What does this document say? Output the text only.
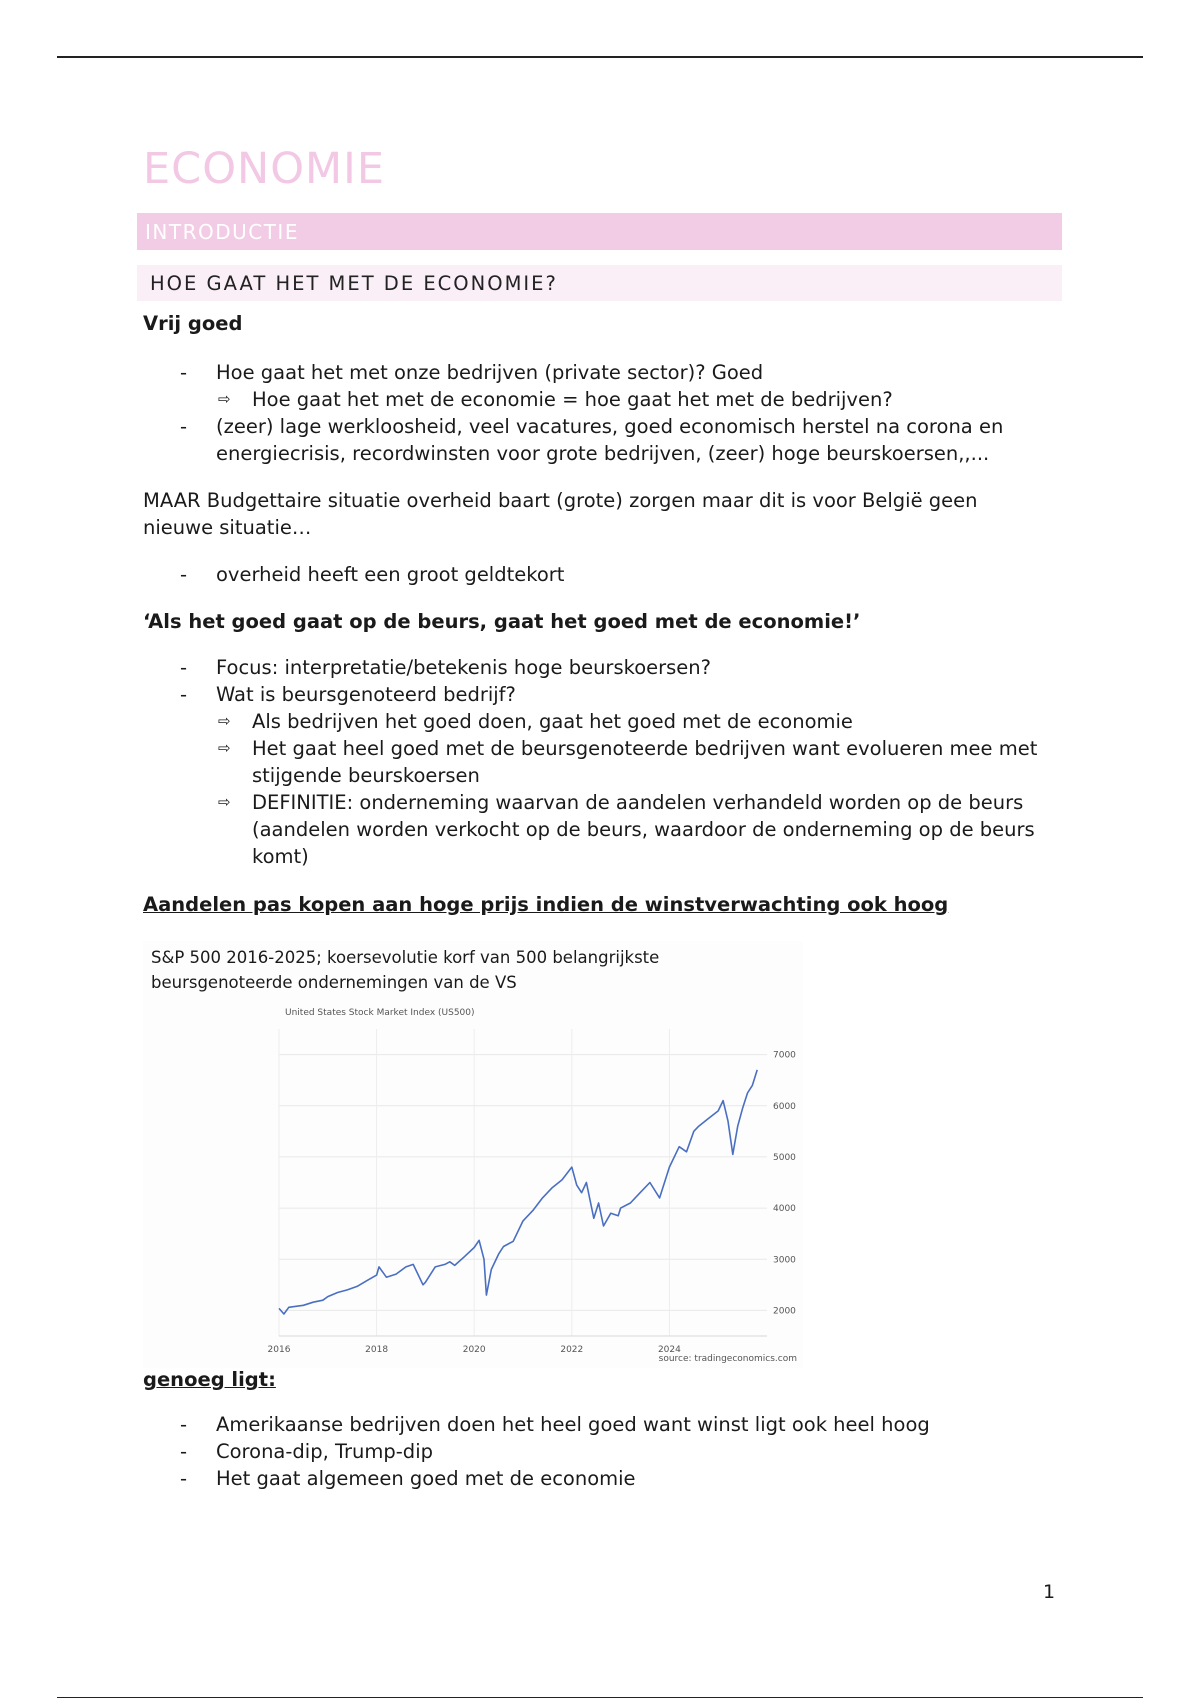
ECONOMIE
INTRODUCTIE
HOE GAAT HET MET DE ECONOMIE?

Vrij goed

- Hoe gaat het met onze bedrijven (private sector)? Goed
⇨ Hoe gaat het met de economie = hoe gaat het met de bedrijven?
- (zeer) lage werkloosheid, veel vacatures, goed economisch herstel na corona en energiecrisis, recordwinsten voor grote bedrijven, (zeer) hoge beurskoersen,,...

MAAR Budgettaire situatie overheid baart (grote) zorgen maar dit is voor België geen nieuwe situatie…

- overheid heeft een groot geldtekort

‘Als het goed gaat op de beurs, gaat het goed met de economie!’

- Focus: interpretatie/betekenis hoge beurskoersen?
- Wat is beursgenoteerd bedrijf?
⇨ Als bedrijven het goed doen, gaat het goed met de economie
⇨ Het gaat heel goed met de beursgenoteerde bedrijven want evolueren mee met stijgende beurskoersen
⇨ DEFINITIE: onderneming waarvan de aandelen verhandeld worden op de beurs (aandelen worden verkocht op de beurs, waardoor de onderneming op de beurs komt)

Aandelen pas kopen aan hoge prijs indien de winstverwachting ook hoog

S&P 500 2016-2025; koersevolutie korf van 500 belangrijkste beursgenoteerde ondernemingen van de VS
United States Stock Market Index (US500)
source: tradingeconomics.com
2000
3000
4000
5000
6000
7000
2016	2018	2020	2022	2024

genoeg ligt:

- Amerikaanse bedrijven doen het heel goed want winst ligt ook heel hoog
- Corona-dip, Trump-dip
- Het gaat algemeen goed met de economie
1
